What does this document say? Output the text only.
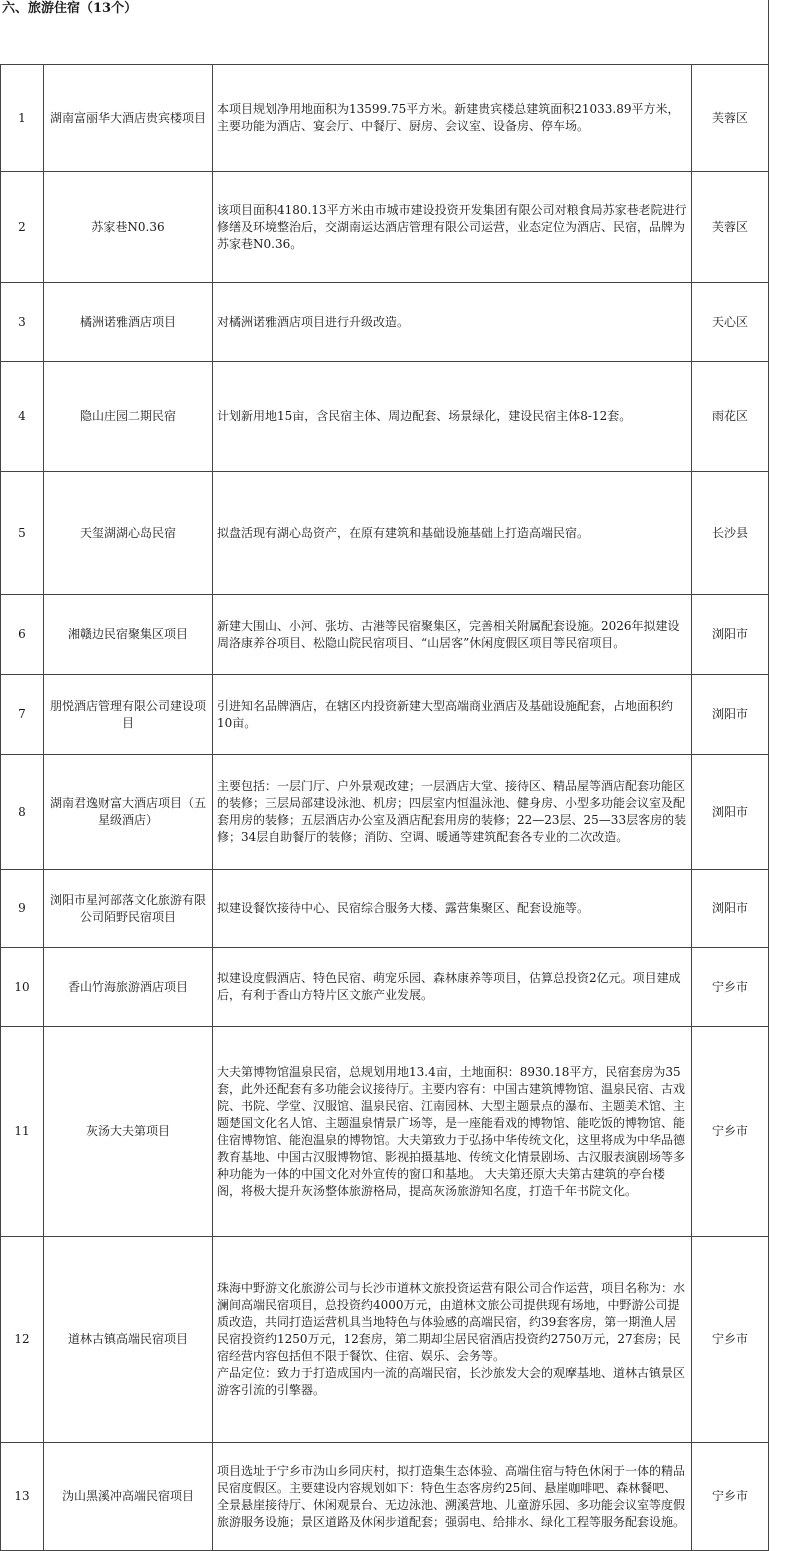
六、旅游住宿（13个）
1	湖南富丽华大酒店贵宾楼项目	本项目规划净用地面积为13599.75平方米。新建贵宾楼总建筑面积21033.89平方米，主要功能为酒店、宴会厅、中餐厅、厨房、会议室、设备房、停车场。	芙蓉区
2	苏家巷N0.36	该项目面积4180.13平方米由市城市建设投资开发集团有限公司对粮食局苏家巷老院进行修缮及环境整治后，交湖南运达酒店管理有限公司运营，业态定位为酒店、民宿，品牌为苏家巷N0.36。	芙蓉区
3	橘洲诺雅酒店项目	对橘洲诺雅酒店项目进行升级改造。	天心区
4	隐山庄园二期民宿	计划新用地15亩，含民宿主体、周边配套、场景绿化，建设民宿主体8-12套。	雨花区
5	天玺湖湖心岛民宿	拟盘活现有湖心岛资产，在原有建筑和基础设施基础上打造高端民宿。	长沙县
6	湘赣边民宿聚集区项目	新建大围山、小河、张坊、古港等民宿聚集区，完善相关附属配套设施。2026年拟建设周洛康养谷项目、松隐山院民宿项目、“山居客”休闲度假区项目等民宿项目。	浏阳市
7	朋悦酒店管理有限公司建设项目	引进知名品牌酒店，在辖区内投资新建大型高端商业酒店及基础设施配套，占地面积约10亩。	浏阳市
8	湖南君逸财富大酒店项目（五星级酒店）	主要包括：一层门厅、户外景观改建；一层酒店大堂、接待区、精品屋等酒店配套功能区的装修；三层局部建设泳池、机房；四层室内恒温泳池、健身房、小型多功能会议室及配套用房的装修；五层酒店办公室及酒店配套用房的装修；22—23层、25—33层客房的装修；34层自助餐厅的装修；消防、空调、暖通等建筑配套各专业的二次改造。	浏阳市
9	浏阳市星河部落文化旅游有限公司陌野民宿项目	拟建设餐饮接待中心、民宿综合服务大楼、露营集聚区、配套设施等。	浏阳市
10	香山竹海旅游酒店项目	拟建设度假酒店、特色民宿、萌宠乐园、森林康养等项目，估算总投资2亿元。项目建成后，有利于香山方特片区文旅产业发展。	宁乡市
11	灰汤大夫第项目	大夫第博物馆温泉民宿，总规划用地13.4亩，土地面积：8930.18平方，民宿套房为35套，此外还配套有多功能会议接待厅。主要内容有：中国古建筑博物馆、温泉民宿、古戏院、书院、学堂、汉服馆、温泉民宿、江南园林、大型主题景点的瀑布、主题美术馆、主题楚国文化名人馆、主题温泉情景广场等，是一座能看戏的博物馆、能吃饭的博物馆、能住宿博物馆、能泡温泉的博物馆。大夫第致力于弘扬中华传统文化，这里将成为中华品德教育基地、中国古汉服博物馆、影视拍摄基地、传统文化情景剧场、古汉服表演剧场等多种功能为一体的中国文化对外宣传的窗口和基地。 大夫第还原大夫第古建筑的亭台楼阁，将极大提升灰汤整体旅游格局，提高灰汤旅游知名度，打造千年书院文化。	宁乡市
12	道林古镇高端民宿项目	珠海中野游文化旅游公司与长沙市道林文旅投资运营有限公司合作运营，项目名称为：水澜间高端民宿项目，总投资约4000万元，由道林文旅公司提供现有场地，中野游公司提质改造，共同打造运营机具当地特色与体验感的高端民宿，约39套客房，第一期渔人居民宿投资约1250万元，12套房，第二期却尘居民宿酒店投资约2750万元，27套房；民宿经营内容包括但不限于餐饮、住宿、娱乐、会务等。
产品定位：致力于打造成国内一流的高端民宿，长沙旅发大会的观摩基地、道林古镇景区游客引流的引擎器。	宁乡市
13	沩山黑溪冲高端民宿项目	项目选址于宁乡市沩山乡同庆村，拟打造集生态体验、高端住宿与特色休闲于一体的精品民宿度假区。主要建设内容规划如下：特色生态客房约25间、悬崖咖啡吧、森林餐吧、全景悬崖接待厅、休闲观景台、无边泳池、溯溪营地、儿童游乐园、多功能会议室等度假旅游服务设施；景区道路及休闲步道配套；强弱电、给排水、绿化工程等服务配套设施。	宁乡市
